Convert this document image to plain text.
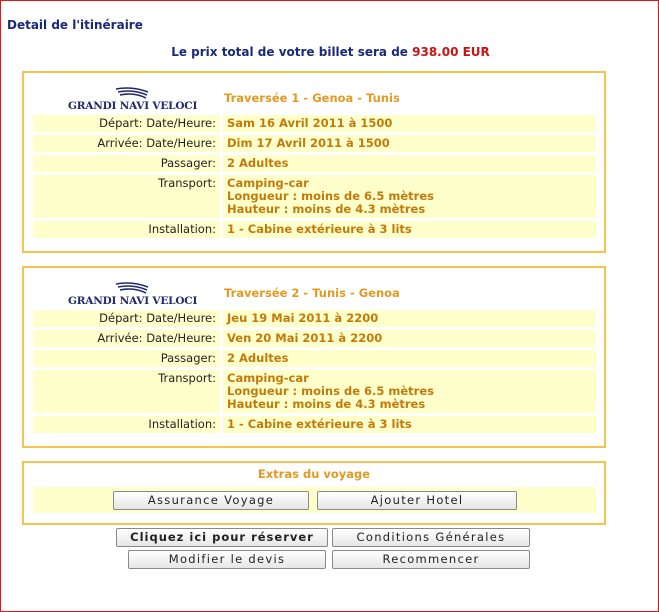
Detail de l'itinéraire
Le prix total de votre billet sera de 938.00 EUR
GRANDI NAVI VELOCI
Traversée 1 - Genoa - Tunis
Départ: Date/Heure: Sam 16 Avril 2011 à 1500
Arrivée: Date/Heure: Dim 17 Avril 2011 à 1500
Passager: 2 Adultes
Transport: Camping-car
Longueur : moins de 6.5 mètres
Hauteur : moins de 4.3 mètres
Installation: 1 - Cabine extérieure à 3 lits
GRANDI NAVI VELOCI
Traversée 2 - Tunis - Genoa
Départ: Date/Heure: Jeu 19 Mai 2011 à 2200
Arrivée: Date/Heure: Ven 20 Mai 2011 à 2200
Passager: 2 Adultes
Transport: Camping-car
Longueur : moins de 6.5 mètres
Hauteur : moins de 4.3 mètres
Installation: 1 - Cabine extérieure à 3 lits
Extras du voyage
Assurance Voyage	Ajouter Hotel
Cliquez ici pour réserver	Conditions Générales
Modifier le devis	Recommencer
